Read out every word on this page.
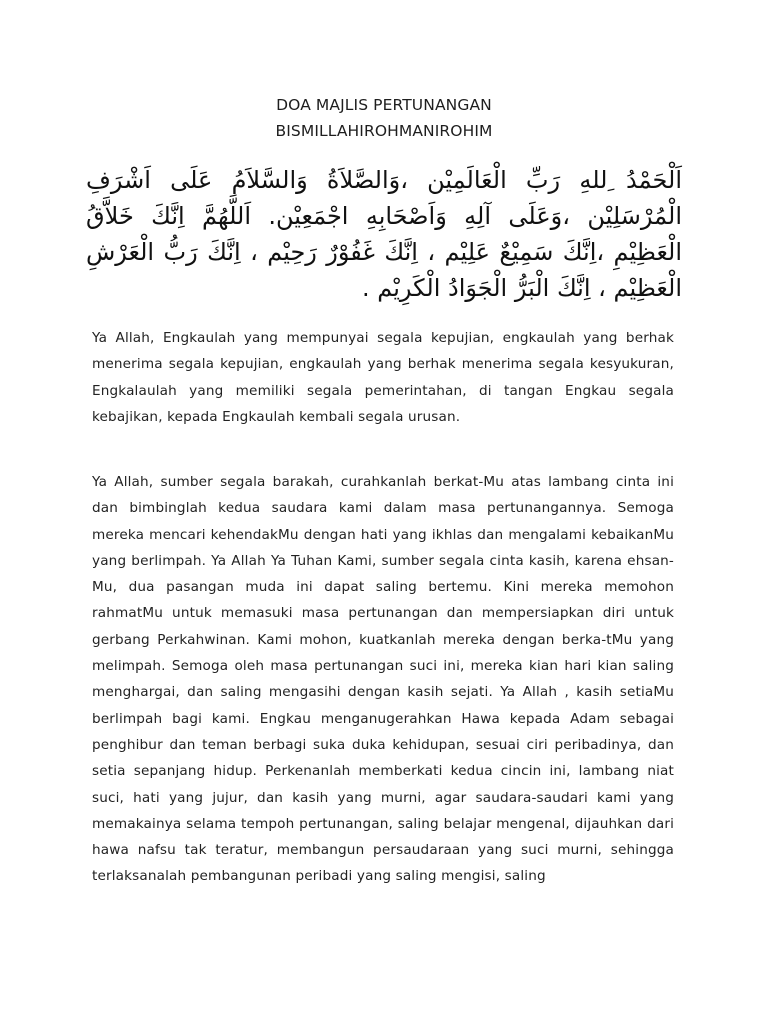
DOA MAJLIS PERTUNANGAN
BISMILLAHIROHMANIROHIM
اَلْحَمْدُ ِللهِ رَبِّ الْعَالَمِيْن ،وَالصَّلاَةُ وَالسَّلاَمُ عَلَى اَشْرَفِ الْمُرْسَلِيْن ،وَعَلَى آلِهِ وَاَصْحَابِهِ اجْمَعِيْن. اَللَّهُمَّ اِنَّكَ خَلاَّقُ الْعَظِيْمِ ،اِنَّكَ سَمِيْعٌ عَلِيْم ، اِنَّكَ غَفُوْرٌ رَحِيْم ، اِنَّكَ رَبُّ الْعَرْشِ الْعَظِيْم ، اِنَّكَ الْبَرُّ الْجَوَادُ الْكَرِيْم .
Ya Allah, Engkaulah yang mempunyai segala kepujian, engkaulah yang berhak menerima segala kepujian, engkaulah yang berhak menerima segala kesyukuran, Engkalaulah yang memiliki segala pemerintahan, di tangan Engkau segala kebajikan, kepada Engkaulah kembali segala urusan.
Ya Allah, sumber segala barakah, curahkanlah berkat-Mu atas lambang cinta ini dan bimbinglah kedua saudara kami dalam masa pertunangannya. Semoga mereka mencari kehendakMu dengan hati yang ikhlas dan mengalami kebaikanMu yang berlimpah. Ya Allah Ya Tuhan Kami, sumber segala cinta kasih, karena ehsan-Mu, dua pasangan muda ini dapat saling bertemu. Kini mereka memohon rahmatMu untuk memasuki masa pertunangan dan mempersiapkan diri untuk gerbang Perkahwinan. Kami mohon, kuatkanlah mereka dengan berka-tMu yang melimpah. Semoga oleh masa pertunangan suci ini, mereka kian hari kian saling menghargai, dan saling mengasihi dengan kasih sejati. Ya Allah , kasih setiaMu berlimpah bagi kami. Engkau menganugerahkan Hawa kepada Adam sebagai penghibur dan teman berbagi suka duka kehidupan, sesuai ciri peribadinya, dan setia sepanjang hidup. Perkenanlah memberkati kedua cincin ini, lambang niat suci, hati yang jujur, dan kasih yang murni, agar saudara-saudari kami yang memakainya selama tempoh pertunangan, saling belajar mengenal, dijauhkan dari hawa nafsu tak teratur, membangun persaudaraan yang suci murni, sehingga terlaksanalah pembangunan peribadi yang saling mengisi, saling
